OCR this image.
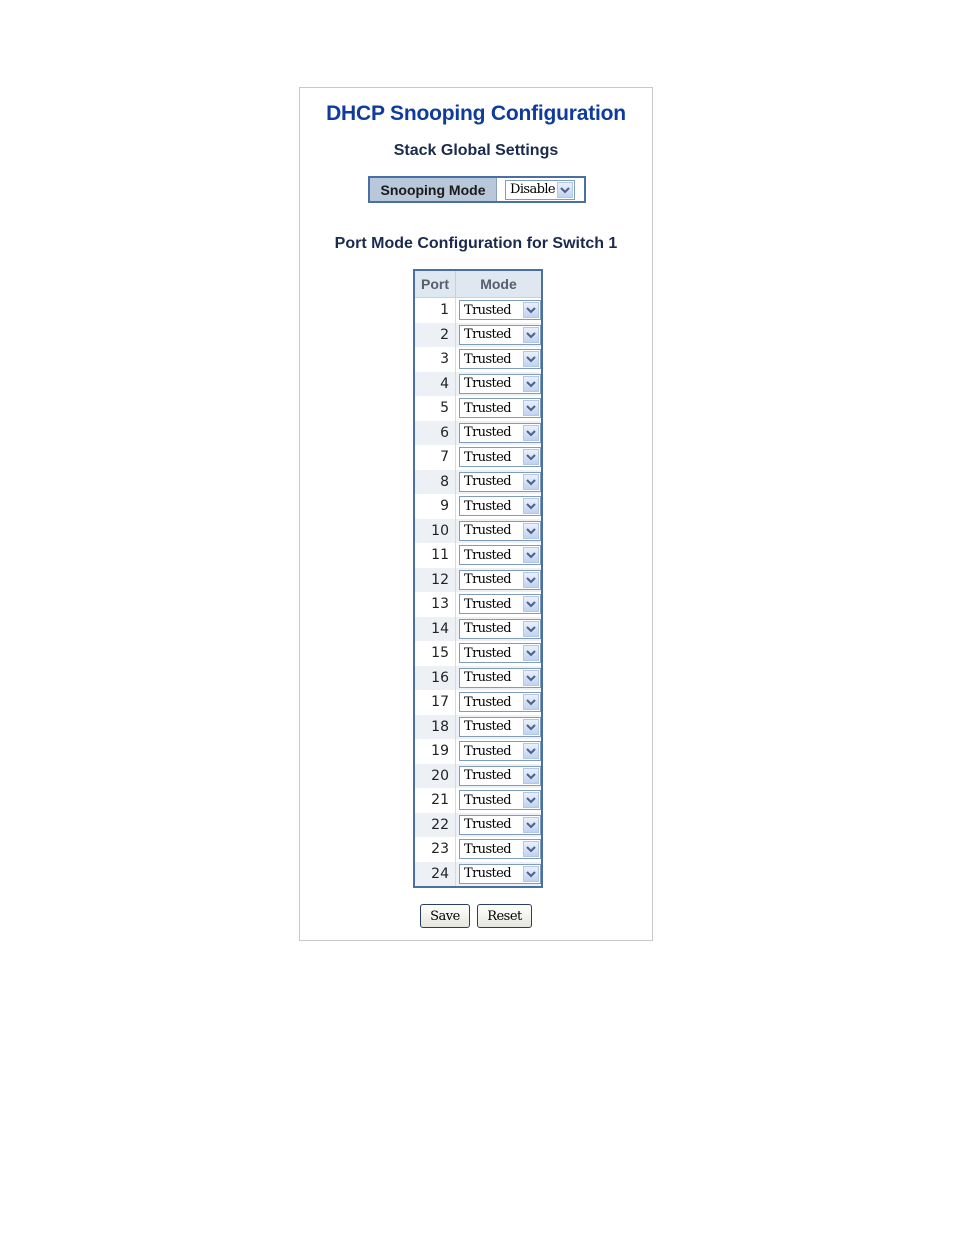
DHCP Snooping Configuration
Stack Global Settings
Snooping Mode	Disable
Port Mode Configuration for Switch 1
Port	Mode
1	Trusted

2	Trusted

3	Trusted

4	Trusted

5	Trusted

6	Trusted

7	Trusted

8	Trusted

9	Trusted

10	Trusted

11	Trusted

12	Trusted

13	Trusted

14	Trusted

15	Trusted

16	Trusted

17	Trusted

18	Trusted

19	Trusted

20	Trusted

21	Trusted

22	Trusted

23	Trusted

24	Trusted
Save	Reset
